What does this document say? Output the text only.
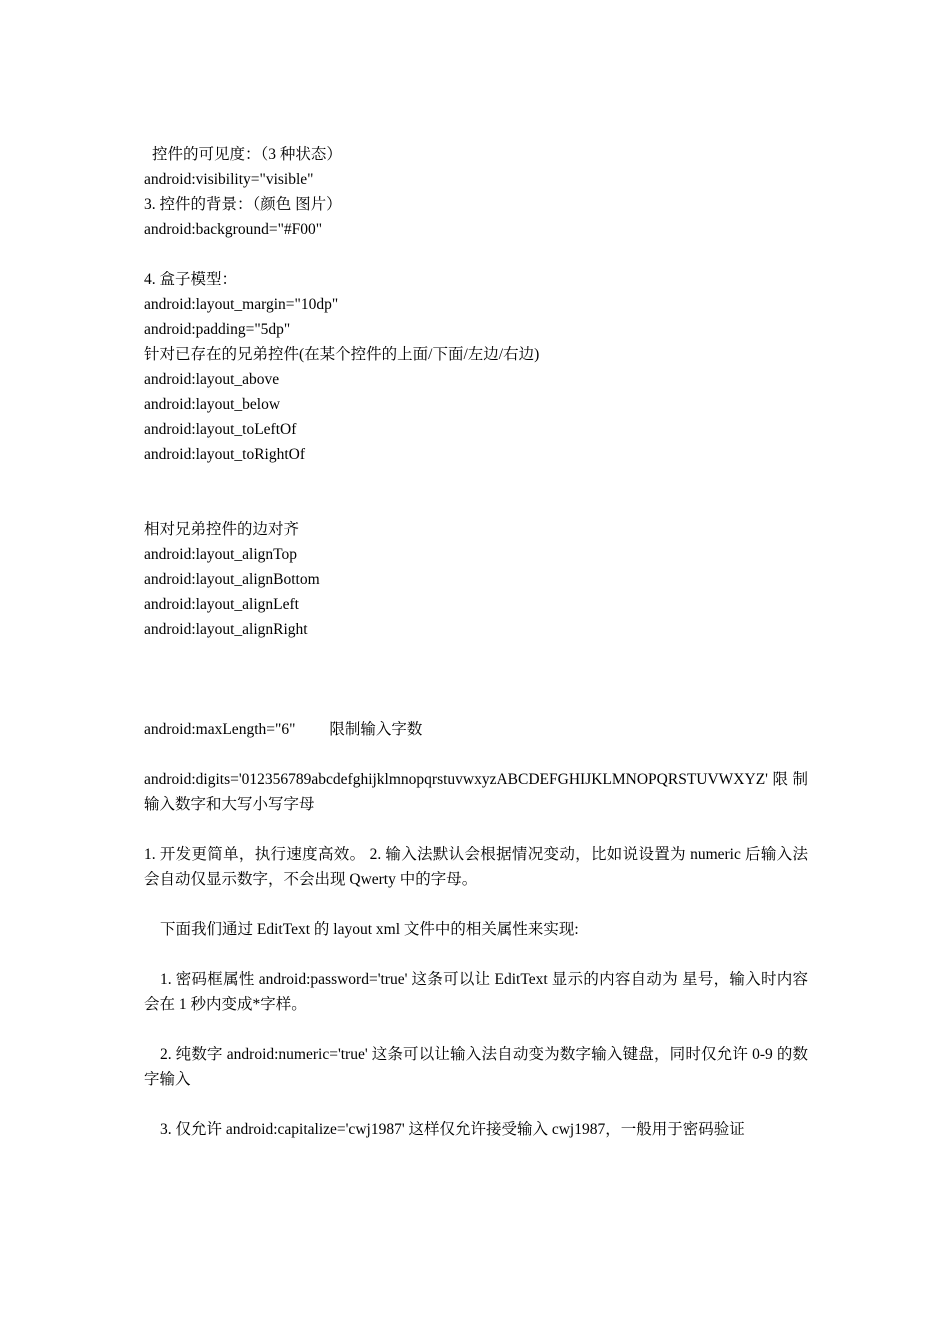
控件的可见度：（3 种状态）
android:visibility="visible"
3. 控件的背景：（颜色 图片）
android:background="#F00"
4. 盒子模型：
android:layout_margin="10dp"
android:padding="5dp"
针对已存在的兄弟控件(在某个控件的上面/下面/左边/右边)
android:layout_above
android:layout_below
android:layout_toLeftOf
android:layout_toRightOf
相对兄弟控件的边对齐
android:layout_alignTop
android:layout_alignBottom
android:layout_alignLeft
android:layout_alignRight
android:maxLength="6" 限制输入字数
android:digits='012356789abcdefghijklmnopqrstuvwxyzABCDEFGHIJKLMNOPQRSTUVWXYZ'限制输入数字和大写小写字母
1. 开发更简单，执行速度高效。 2. 输入法默认会根据情况变动，比如说设置为 numeric 后输入法会自动仅显示数字，不会出现 Qwerty 中的字母。
下面我们通过 EditText 的 layout xml 文件中的相关属性来实现:
1. 密码框属性 android:password='true' 这条可以让 EditText 显示的内容自动为 星号，输入时内容会在 1 秒内变成*字样。
2. 纯数字 android:numeric='true' 这条可以让输入法自动变为数字输入键盘，同时仅允许 0-9 的数字输入
3. 仅允许 android:capitalize='cwj1987' 这样仅允许接受输入 cwj1987，一般用于密码验证
